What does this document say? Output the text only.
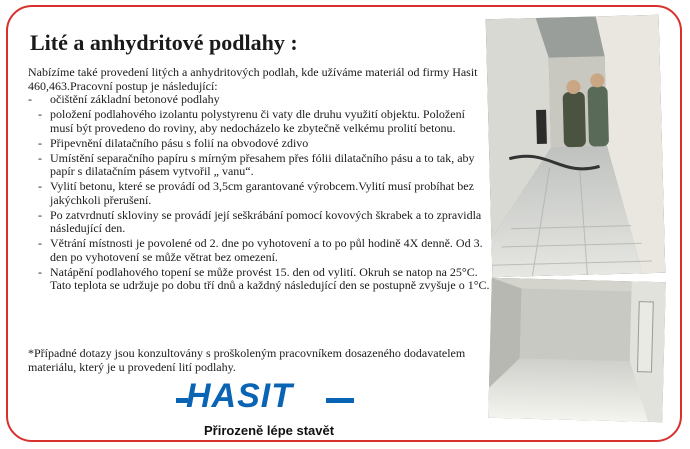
Lité a anhydritové podlahy :
Nabízíme také provedení litých a anhydritových podlah, kde užíváme materiál od firmy Hasit 460,463.Pracovní postup je následující:
- očištění základní betonové podlahy
- položení podlahového izolantu polystyrenu či vaty dle druhu využití objektu. Položení musí být provedeno do roviny, aby nedocházelo ke zbytečně velkému prolití betonu.
- Připevnění dilatačního pásu s folií na obvodové zdivo
- Umístění separačního papíru s mírným přesahem přes fólii dilatačního pásu a to tak, aby papír s dilatačním pásem vytvořil „ vanu“.
- Vylití betonu, které se provádí od 3,5cm garantované výrobcem.Vylití musí probíhat bez jakýchkoli přerušení.
- Po zatvrdnutí skloviny se provádí její seškrábání pomocí kovových škrabek a to zpravidla následující den.
- Větrání místnosti je povolené od 2. dne po vyhotovení a to po půl hodině 4X denně. Od 3. den po vyhotovení se může větrat bez omezení.
- Natápění podlahového topení se může provést 15. den od vylití. Okruh se natop na 25°C. Tato teplota se udržuje po dobu tří dnů a každný následující den se postupně zvyšuje o 1°C.
*Případné dotazy jsou konzultovány s proškoleným pracovníkem dosazeného dodavatelem materiálu, který je u provedení lití podlahy.

HASIT

Přirozeně lépe stavět
